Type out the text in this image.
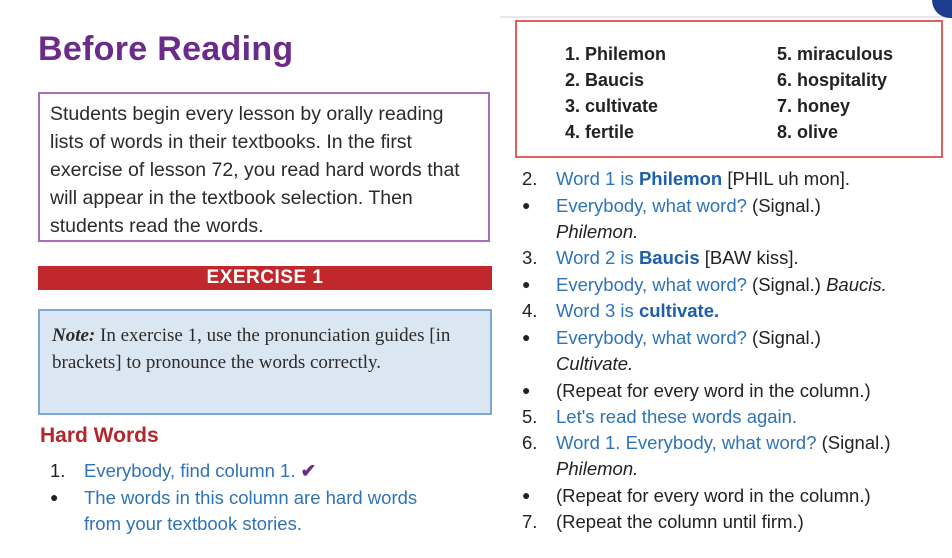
Before Reading
Students begin every lesson by orally reading lists of words in their textbooks. In the first exercise of lesson 72, you read hard words that will appear in the textbook selection. Then students read the words.
EXERCISE 1
Note: In exercise 1, use the pronunciation guides [in brackets] to pronounce the words correctly.
Hard Words
1. Everybody, find column 1. ✔
● The words in this column are hard words
from your textbook stories.
1. Philemon
2. Baucis
3. cultivate
4. fertile
5. miraculous
6. hospitality
7. honey
8. olive
2. Word 1 is Philemon [PHIL uh mon].
● Everybody, what word? (Signal.)
Philemon.
3. Word 2 is Baucis [BAW kiss].
● Everybody, what word? (Signal.) Baucis.
4. Word 3 is cultivate.
● Everybody, what word? (Signal.)
Cultivate.
● (Repeat for every word in the column.)
5. Let's read these words again.
6. Word 1. Everybody, what word? (Signal.)
Philemon.
● (Repeat for every word in the column.)
7. (Repeat the column until firm.)
